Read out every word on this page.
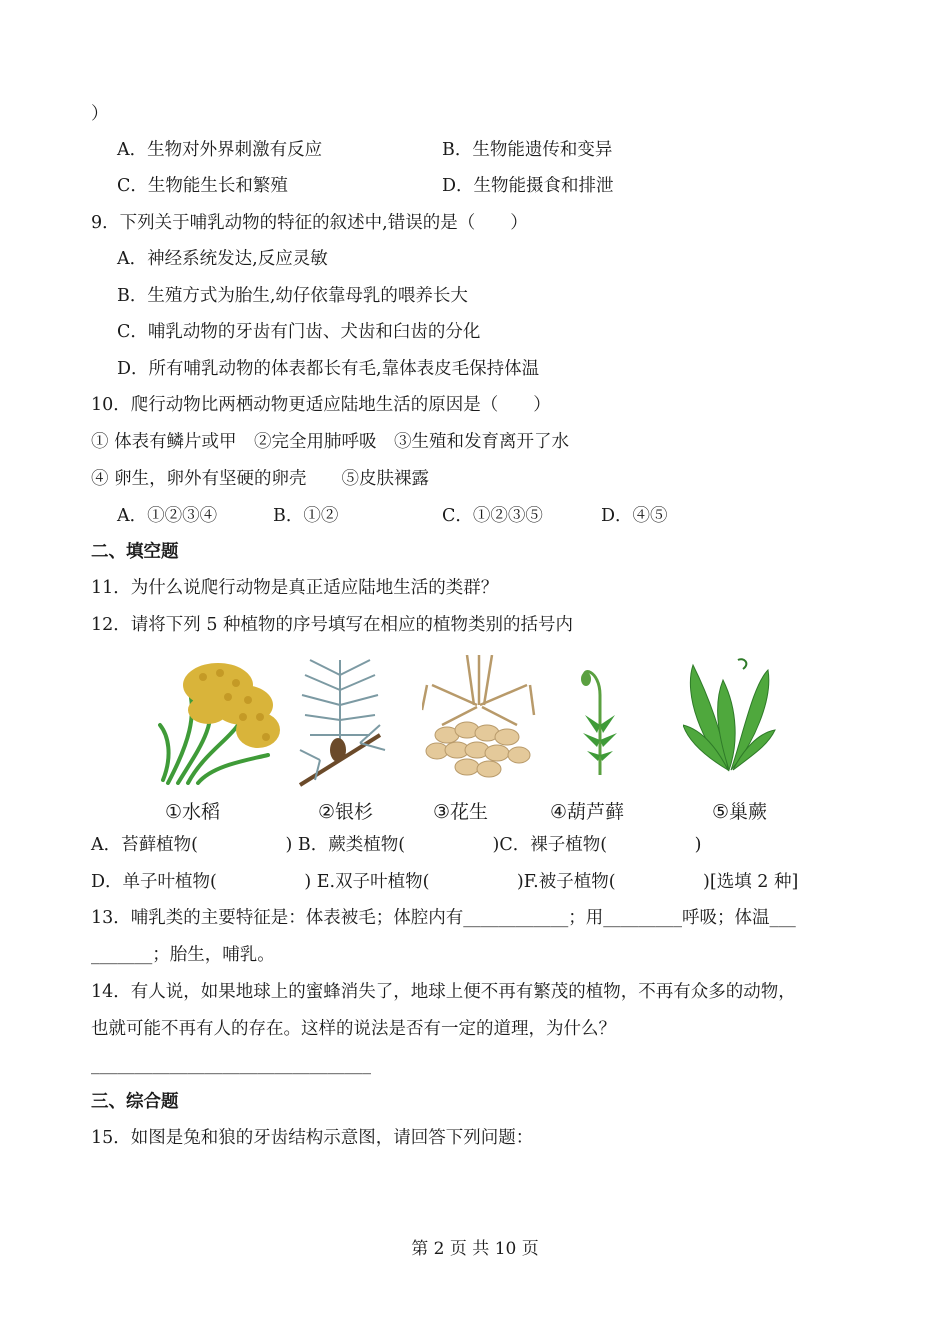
）
A．生物对外界刺激有反应	B．生物能遗传和变异
C．生物能生长和繁殖	D．生物能摄食和排泄
9．下列关于哺乳动物的特征的叙述中,错误的是（　　）
A．神经系统发达,反应灵敏
B．生殖方式为胎生,幼仔依靠母乳的喂养长大
C．哺乳动物的牙齿有门齿、犬齿和臼齿的分化
D．所有哺乳动物的体表都长有毛,靠体表皮毛保持体温
10．爬行动物比两栖动物更适应陆地生活的原因是（　　）
① 体表有鳞片或甲　②完全用肺呼吸　③生殖和发育离开了水
④ 卵生，卵外有坚硬的卵壳　　⑤皮肤裸露
A．①②③④	B．①②	C．①②③⑤	D．④⑤
二、填空题
11．为什么说爬行动物是真正适应陆地生活的类群？
12．请将下列 5 种植物的序号填写在相应的植物类别的括号内
①水稻	②银杉	③花生	④葫芦藓	⑤巢蕨
A．苔藓植物(　　　　　) B．蕨类植物(　　　　　)C．裸子植物(　　　　　)
D．单子叶植物(　　　　　) E.双子叶植物(　　　　　)F.被子植物(　　　　　)[选填 2 种]
13．哺乳类的主要特征是：体表被毛；体腔内有____________；用_________呼吸；体温___
_______；胎生，哺乳。
14．有人说，如果地球上的蜜蜂消失了，地球上便不再有繁茂的植物，不再有众多的动物，
也就可能不再有人的存在。这样的说法是否有一定的道理，为什么？
________________________________
三、综合题
15．如图是兔和狼的牙齿结构示意图，请回答下列问题：
第 2 页 共 10 页
